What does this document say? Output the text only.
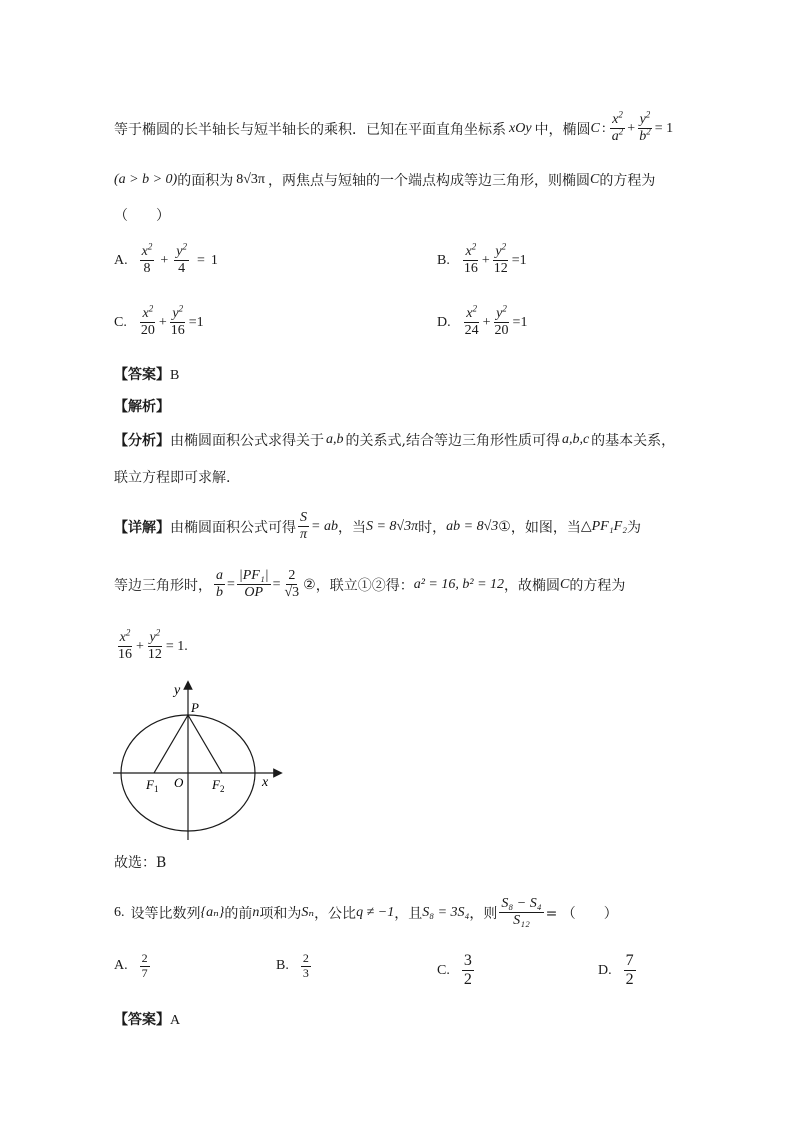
等于椭圆的长半轴长与短半轴长的乘积．已知在平面直角坐标系 xOy 中，椭圆 C : $\frac{x^2}{a^2} + \frac{y^2}{b^2} = 1$
(a > b > 0) 的面积为 8√3π ，两焦点与短轴的一个端点构成等边三角形，则椭圆 C 的方程为
（　　）
A. $\frac{x^2}{8} + \frac{y^2}{4} = 1$	B. $\frac{x^2}{16} + \frac{y^2}{12} = 1$
C. $\frac{x^2}{20} + \frac{y^2}{16} = 1$	D. $\frac{x^2}{24} + \frac{y^2}{20} = 1$
【答案】B
【解析】
【分析】 由椭圆面积公式求得关于 a,b 的关系式,结合等边三角形性质可得 a,b,c 的基本关系，
联立方程即可求解.
【详解】 由椭圆面积公式可得 $\frac{S}{\pi}$ = ab ，当 S = 8√3π 时， ab = 8√3 ① ，如图，当 △PF₁F₂ 为
等边三角形时， $\frac{a}{b} = \frac{\text{|PF₁|}}{OP} = \frac{2}{√3}$ ② ，联立①②得： a² = 16, b² = 12 ，故椭圆 C 的方程为
$\frac{x^2}{16} + \frac{y^2}{12} = 1$.
y
x
P
O
$F_1$	$F_2$
故选：B
6. 设等比数列 {aₙ} 的前 n 项和为 Sₙ ，公比 q ≠ −1 ，且 S₈ = 3S₄ ，则 $\frac{\text{S₈ − S₄}}{\text{S₁₂}}$ = （　　）
A. $\frac{2}{7}$	B. $\frac{2}{3}$	C. $\frac{3}{2}$	D. $\frac{7}{2}$
【答案】A
